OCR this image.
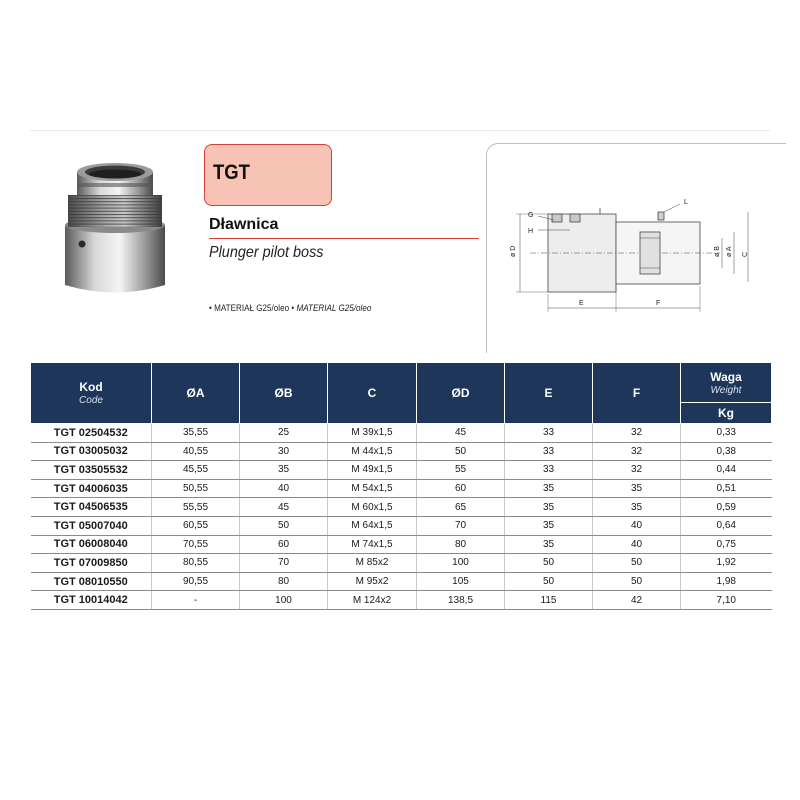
TGT
Dławnica
Plunger pilot boss
• MATERIAŁ G25/oleo • MATERIAL G25/oleo
G
H
L
ø D	ø B ø A C
E	F
Kod
Code	ØA	ØB	C	ØD	E	F	Waga
Weight

							Kg
TGT 02504532	35,55	25	M 39x1,5	45	33	32	0,33
TGT 03005032	40,55	30	M 44x1,5	50	33	32	0,38
TGT 03505532	45,55	35	M 49x1,5	55	33	32	0,44
TGT 04006035	50,55	40	M 54x1,5	60	35	35	0,51
TGT 04506535	55,55	45	M 60x1,5	65	35	35	0,59
TGT 05007040	60,55	50	M 64x1,5	70	35	40	0,64
TGT 06008040	70,55	60	M 74x1,5	80	35	40	0,75
TGT 07009850	80,55	70	M 85x2	100	50	50	1,92
TGT 08010550	90,55	80	M 95x2	105	50	50	1,98
TGT 10014042	-	100	M 124x2	138,5	115	42	7,10
